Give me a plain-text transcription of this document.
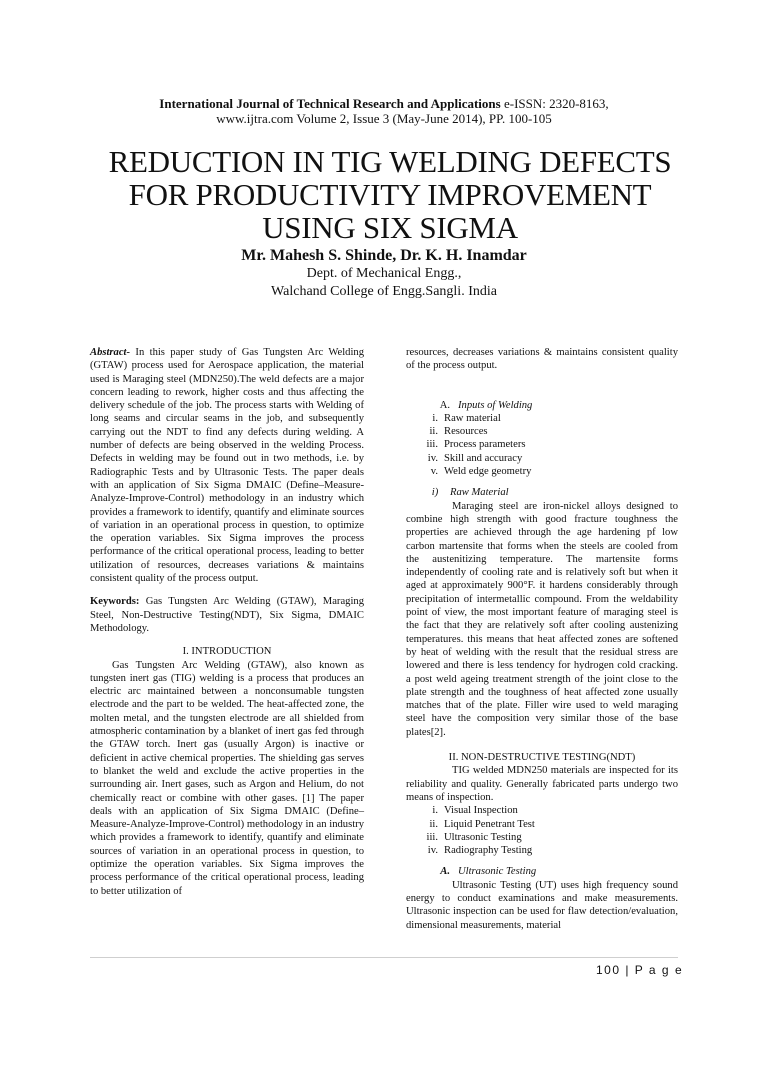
International Journal of Technical Research and Applications e-ISSN: 2320-8163,
www.ijtra.com Volume 2, Issue 3 (May-June 2014), PP. 100-105
REDUCTION IN TIG WELDING DEFECTS
FOR PRODUCTIVITY IMPROVEMENT
USING SIX SIGMA
Mr. Mahesh S. Shinde, Dr. K. H. Inamdar
Dept. of Mechanical Engg.,
Walchand College of Engg.Sangli. India

Abstract- In this paper study of Gas Tungsten Arc Welding (GTAW) process used for Aerospace application, the material used is Maraging steel (MDN250).The weld defects are a major concern leading to rework, higher costs and thus affecting the delivery schedule of the job. The process starts with Welding of long seams and circular seams in the job, and subsequently carrying out the NDT to find any defects during welding. A number of defects are being observed in the welding Process. Defects in welding may be found out in two methods, i.e. by Radiographic Tests and by Ultrasonic Tests. The paper deals with an application of Six Sigma DMAIC (Define–Measure-Analyze-Improve-Control) methodology in an industry which provides a framework to identify, quantify and eliminate sources of variation in an operational process in question, to optimize the operation variables. Six Sigma improves the process performance of the critical operational process, leading to better utilization of resources, decreases variations & maintains consistent quality of the process output.

Keywords: Gas Tungsten Arc Welding (GTAW), Maraging Steel, Non-Destructive Testing(NDT), Six Sigma, DMAIC Methodology.

I. INTRODUCTION

Gas Tungsten Arc Welding (GTAW), also known as tungsten inert gas (TIG) welding is a process that produces an electric arc maintained between a nonconsumable tungsten electrode and the part to be welded. The heat-affected zone, the molten metal, and the tungsten electrode are all shielded from atmospheric contamination by a blanket of inert gas fed through the GTAW torch. Inert gas (usually Argon) is inactive or deficient in active chemical properties. The shielding gas serves to blanket the weld and exclude the active properties in the surrounding air. Inert gases, such as Argon and Helium, do not chemically react or combine with other gases. [1] The paper deals with an application of Six Sigma DMAIC (Define–Measure-Analyze-Improve-Control) methodology in an industry which provides a framework to identify, quantify and eliminate sources of variation in an operational process in question, to optimize the operation variables. Six Sigma improves the process performance of the critical operational process, leading to better utilization of

resources, decreases variations & maintains consistent quality of the process output.

A. Inputs of Welding

i. Raw material
ii. Resources
iii. Process parameters
iv. Skill and accuracy
v. Weld edge geometry

i) Raw Material

Maraging steel are iron-nickel alloys designed to combine high strength with good fracture toughness the properties are achieved through the age hardening pf low carbon martensite that forms when the steels are cooled from the austenitizing temperature. The martensite forms independently of cooling rate and is relatively soft but when it aged at approximately 900°F. it hardens considerably through precipitation of intermetallic compound. From the weldability point of view, the most important feature of maraging steel is the fact that they are relatively soft after cooling austenizing temperatures. this means that heat affected zones are softened by heat of welding with the result that the residual stress are lowered and there is less tendency for hydrogen cold cracking. a post weld ageing treatment strength of the joint close to the plate strength and the toughness of heat affected zone usually matches that of the plate. Filler wire used to weld maraging steel have the composition very similar those of the base plates[2].

II. NON-DESTRUCTIVE TESTING(NDT)

TIG welded MDN250 materials are inspected for its reliability and quality. Generally fabricated parts undergo two means of inspection.

i. Visual Inspection
ii. Liquid Penetrant Test
iii. Ultrasonic Testing
iv. Radiography Testing

A. Ultrasonic Testing

Ultrasonic Testing (UT) uses high frequency sound energy to conduct examinations and make measurements. Ultrasonic inspection can be used for flaw detection/evaluation, dimensional measurements, material

100 | P a g e
